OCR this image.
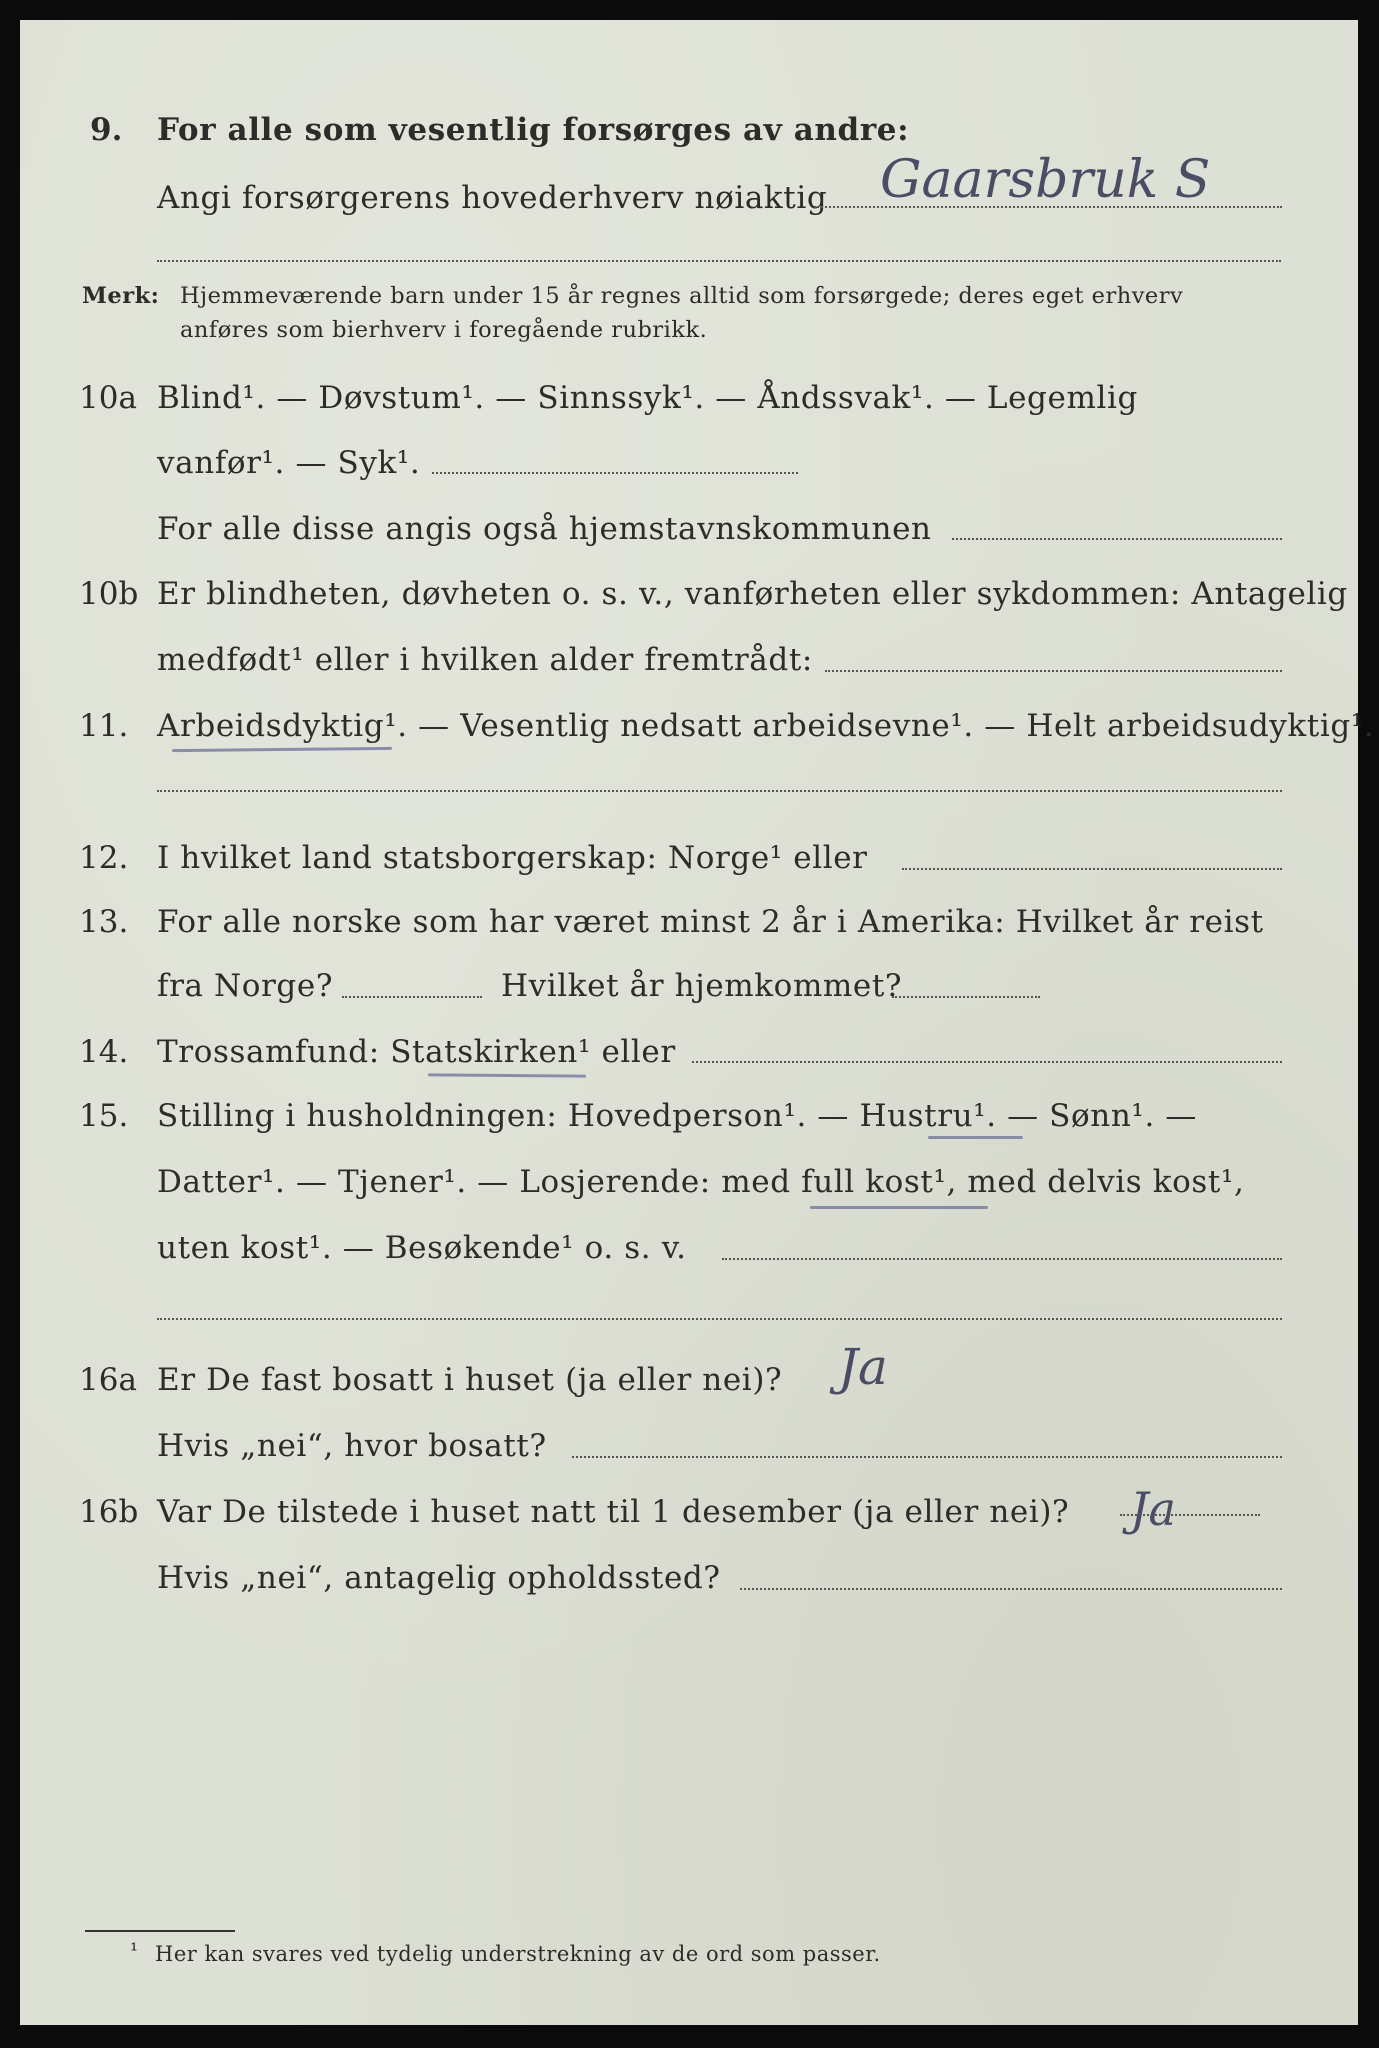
9. For alle som vesentlig forsørges av andre:
Angi forsørgerens hovederhverv nøiaktig Gaarsbruk S
Merk: Hjemmeværende barn under 15 år regnes alltid som forsørgede; deres eget erhverv
anføres som bierhverv i foregående rubrikk.
10a Blind¹. — Døvstum¹. — Sinnssyk¹. — Åndssvak¹. — Legemlig
vanfør¹. — Syk¹.
For alle disse angis også hjemstavnskommunen
10b Er blindheten, døvheten o. s. v., vanførheten eller sykdommen: Antagelig
medfødt¹ eller i hvilken alder fremtrådt:
11. Arbeidsdyktig¹. — Vesentlig nedsatt arbeidsevne¹. — Helt arbeidsudyktig¹.
12. I hvilket land statsborgerskap: Norge¹ eller
13. For alle norske som har været minst 2 år i Amerika: Hvilket år reist
fra Norge?	Hvilket år hjemkommet?
14. Trossamfund: Statskirken¹ eller
15. Stilling i husholdningen: Hovedperson¹. — Hustru¹. — Sønn¹. —
Datter¹. — Tjener¹. — Losjerende: med full kost¹, med delvis kost¹,
uten kost¹. — Besøkende¹ o. s. v.
16a Er De fast bosatt i huset (ja eller nei)? Ja
Hvis „nei“, hvor bosatt?
16b Var De tilstede i huset natt til 1 desember (ja eller nei)? Ja
Hvis „nei“, antagelig opholdssted?
¹ Her kan svares ved tydelig understrekning av de ord som passer.
